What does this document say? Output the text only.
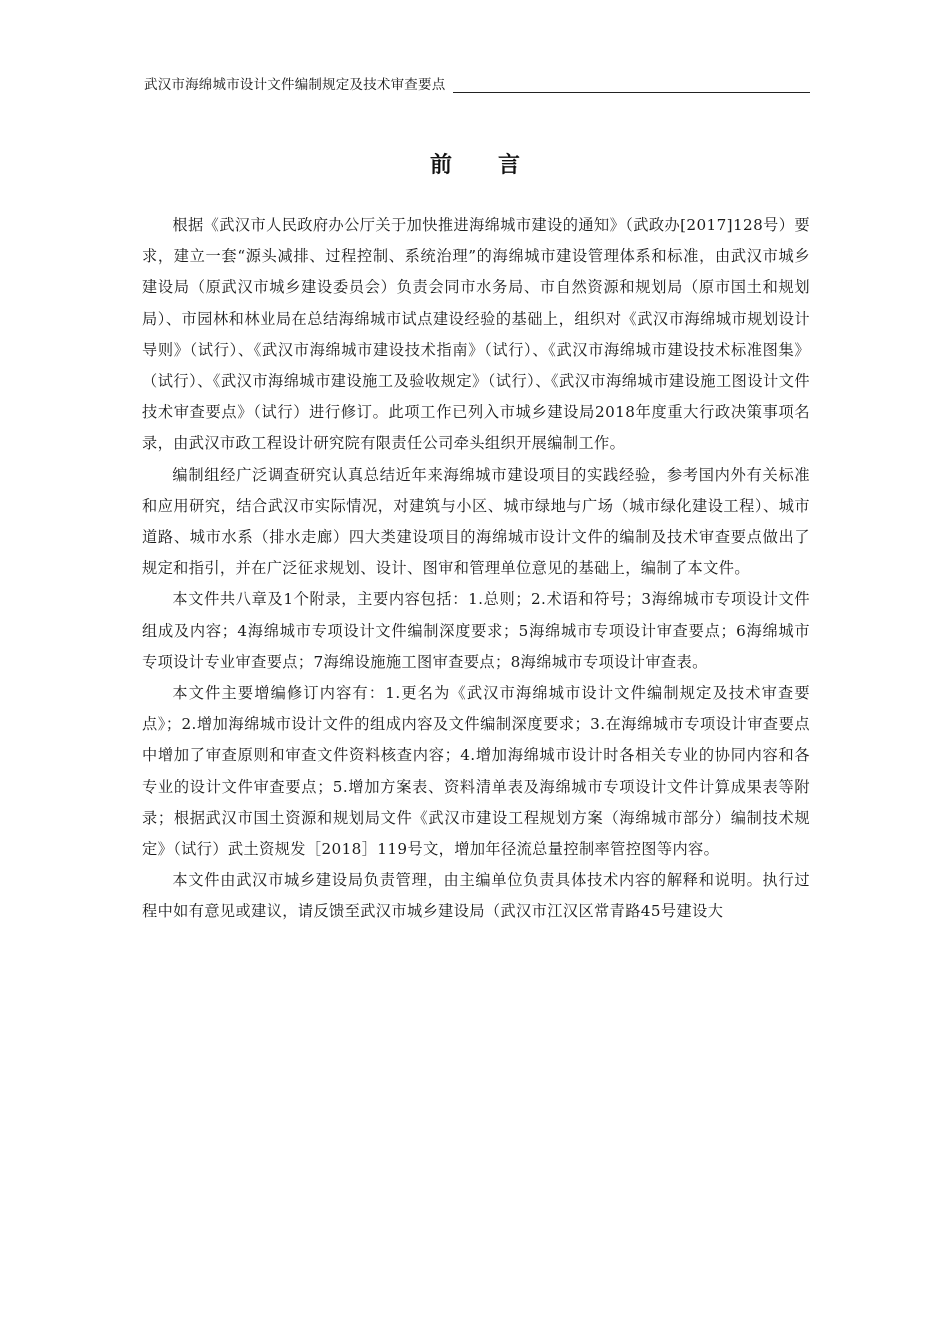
武汉市海绵城市设计文件编制规定及技术审查要点
前言

根据《武汉市人民政府办公厅关于加快推进海绵城市建设的通知》（武政办[2017]128号）要求，建立一套“源头减排、过程控制、系统治理”的海绵城市建设管理体系和标准，由武汉市城乡建设局（原武汉市城乡建设委员会）负责会同市水务局、市自然资源和规划局（原市国土和规划局）、市园林和林业局在总结海绵城市试点建设经验的基础上，组织对《武汉市海绵城市规划设计导则》（试行）、《武汉市海绵城市建设技术指南》（试行）、《武汉市海绵城市建设技术标准图集》（试行）、《武汉市海绵城市建设施工及验收规定》（试行）、《武汉市海绵城市建设施工图设计文件技术审查要点》（试行）进行修订。此项工作已列入市城乡建设局2018年度重大行政决策事项名录，由武汉市政工程设计研究院有限责任公司牵头组织开展编制工作。

编制组经广泛调查研究认真总结近年来海绵城市建设项目的实践经验，参考国内外有关标准和应用研究，结合武汉市实际情况，对建筑与小区、城市绿地与广场（城市绿化建设工程）、城市道路、城市水系（排水走廊）四大类建设项目的海绵城市设计文件的编制及技术审查要点做出了规定和指引，并在广泛征求规划、设计、图审和管理单位意见的基础上，编制了本文件。

本文件共八章及1个附录，主要内容包括：1.总则；2.术语和符号；3海绵城市专项设计文件组成及内容；4海绵城市专项设计文件编制深度要求；5海绵城市专项设计审查要点；6海绵城市专项设计专业审查要点；7海绵设施施工图审查要点；8海绵城市专项设计审查表。

本文件主要增编修订内容有：1.更名为《武汉市海绵城市设计文件编制规定及技术审查要点》；2.增加海绵城市设计文件的组成内容及文件编制深度要求；3.在海绵城市专项设计审查要点中增加了审查原则和审查文件资料核查内容；4.增加海绵城市设计时各相关专业的协同内容和各专业的设计文件审查要点；5.增加方案表、资料清单表及海绵城市专项设计文件计算成果表等附录；根据武汉市国土资源和规划局文件《武汉市建设工程规划方案（海绵城市部分）编制技术规定》（试行）武土资规发［2018］119号文，增加年径流总量控制率管控图等内容。

本文件由武汉市城乡建设局负责管理，由主编单位负责具体技术内容的解释和说明。执行过程中如有意见或建议，请反馈至武汉市城乡建设局（武汉市江汉区常青路45号建设大
